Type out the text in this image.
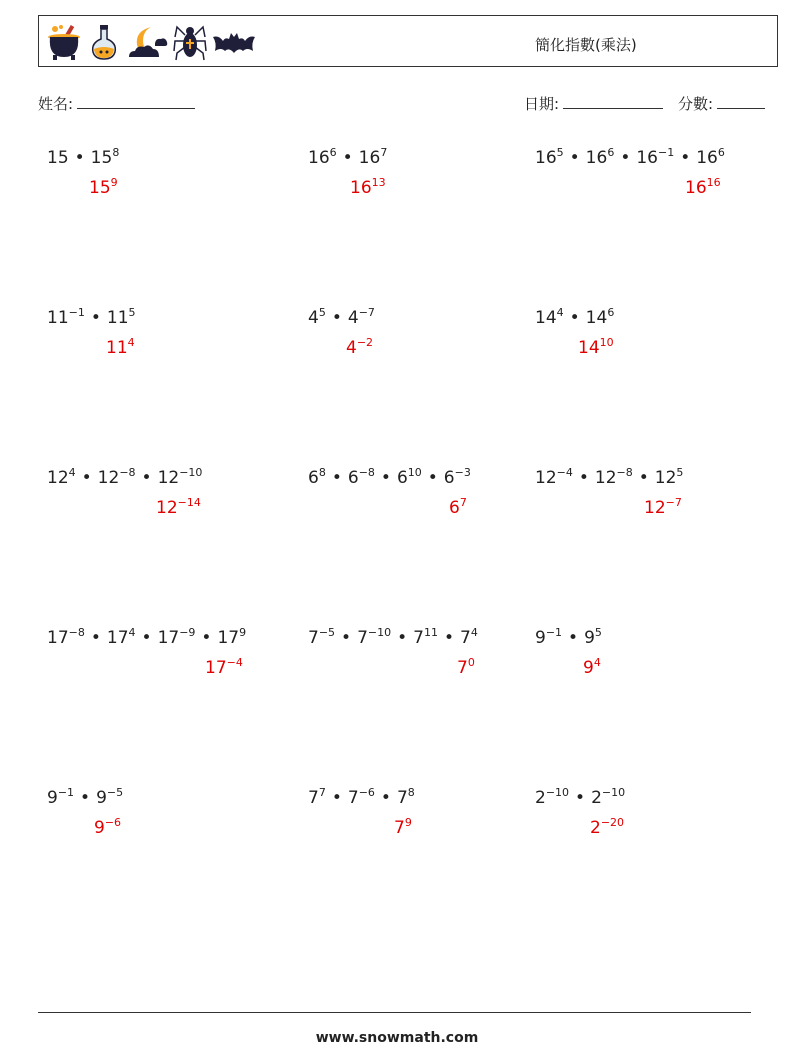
簡化指數(乘法)
姓名:	日期:	分數:
15 • $15^8$
$15^9$
$16^6$ • $16^7$
$16^{13}$
$16^5$ • $16^6$ • $16^{-1}$ • $16^6$
$16^{16}$
$11^{-1}$ • $11^5$
$11^4$
$4^5$ • $4^{-7}$
$4^{-2}$
$14^4$ • $14^6$
$14^{10}$
$12^4$ • $12^{-8}$ • $12^{-10}$
$12^{-14}$
$6^8$ • $6^{-8}$ • $6^{10}$ • $6^{-3}$
$6^7$
$12^{-4}$ • $12^{-8}$ • $12^5$
$12^{-7}$
$17^{-8}$ • $17^4$ • $17^{-9}$ • $17^9$
$17^{-4}$
$7^{-5}$ • $7^{-10}$ • $7^{11}$ • $7^4$
$7^0$
$9^{-1}$ • $9^5$
$9^4$
$9^{-1}$ • $9^{-5}$
$9^{-6}$
$7^7$ • $7^{-6}$ • $7^8$
$7^9$
$2^{-10}$ • $2^{-10}$
$2^{-20}$
www.snowmath.com
